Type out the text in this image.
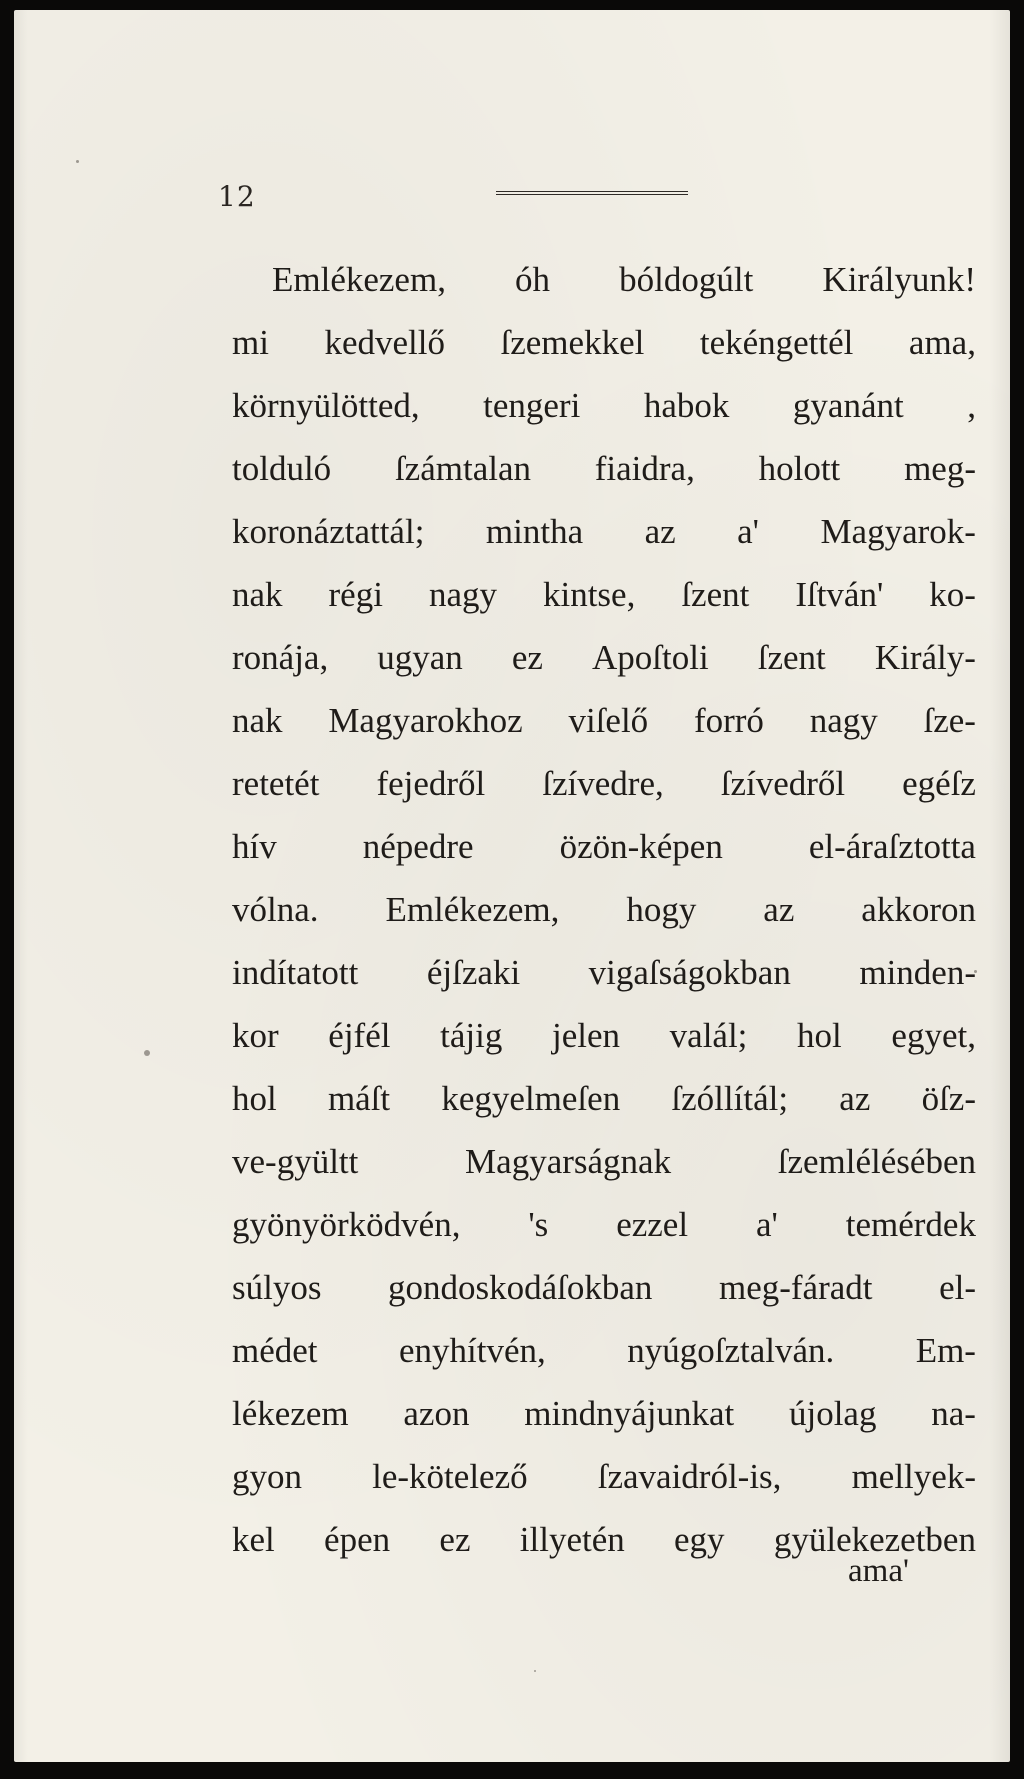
12
Emlékezem, óh bóldogúlt Királyunk!
mi kedvellő ſzemekkel tekéngettél ama,
környülötted, tengeri habok gyanánt ,
tolduló ſzámtalan fiaidra, holott meg-
koronáztattál; mintha az a' Magyarok-
nak régi nagy kintse, ſzent Iſtván' ko-
ronája, ugyan ez Apoſtoli ſzent Király-
nak Magyarokhoz viſelő forró nagy ſze-
retetét fejedről ſzívedre, ſzívedről egéſz
hív népedre özön-képen el-áraſztotta
vólna. Emlékezem, hogy az akkoron
indítatott éjſzaki vigaſságokban minden-
kor éjfél tájig jelen valál; hol egyet,
hol máſt kegyelmeſen ſzóllítál; az öſz-
ve-gyültt	Magyarságnak	ſzemlélésében
gyönyörködvén, 's ezzel a' temérdek
súlyos gondoskodáſokban meg-fáradt el-
médet enyhítvén, nyúgoſztalván. Em-
lékezem azon mindnyájunkat újolag na-
gyon le-kötelező ſzavaidról-is, mellyek-
kel épen ez illyetén egy gyülekezetben
ama'
